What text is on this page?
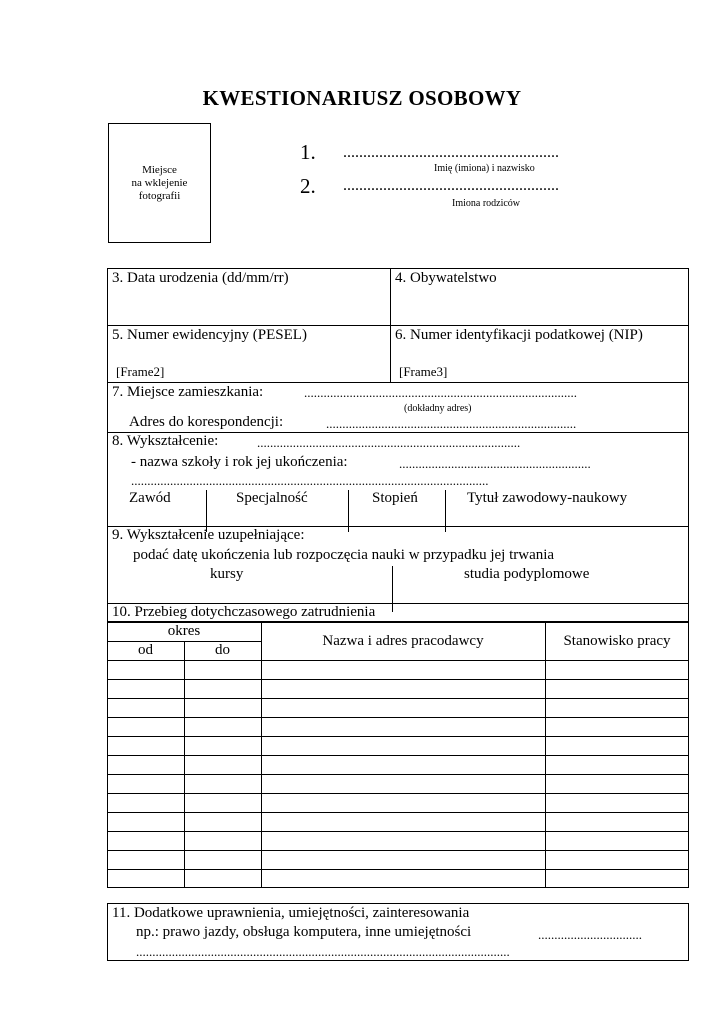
KWESTIONARIUSZ OSOBOWY
Miejsce
na wklejenie
fotografii
1. ......................................................
Imię (imiona) i nazwisko
2. ......................................................
Imiona rodziców
3. Data urodzenia (dd/mm/rr)	4. Obywatelstwo
5. Numer ewidencyjny (PESEL)
[Frame2]
6. Numer identyfikacji podatkowej (NIP)
[Frame3]
7. Miejsce zamieszkania:	....................................................................................
(dokładny adres)
Adres do korespondencji:	.............................................................................
8. Wykształcenie:	.................................................................................
- nazwa szkoły i rok jej ukończenia:	...........................................................
..............................................................................................................
Zawód	Specjalność	Stopień	Tytuł zawodowy-naukowy
9. Wykształcenie uzupełniające:
podać datę ukończenia lub rozpoczęcia nauki w przypadku jej trwania
kursy	studia podyplomowe
10. Przebieg dotychczasowego zatrudnienia
okres
od	do
Nazwa i adres pracodawcy	Stanowisko pracy
11. Dodatkowe uprawnienia, umiejętności, zainteresowania
np.: prawo jazdy, obsługa komputera, inne umiejętności	................................
...................................................................................................................
